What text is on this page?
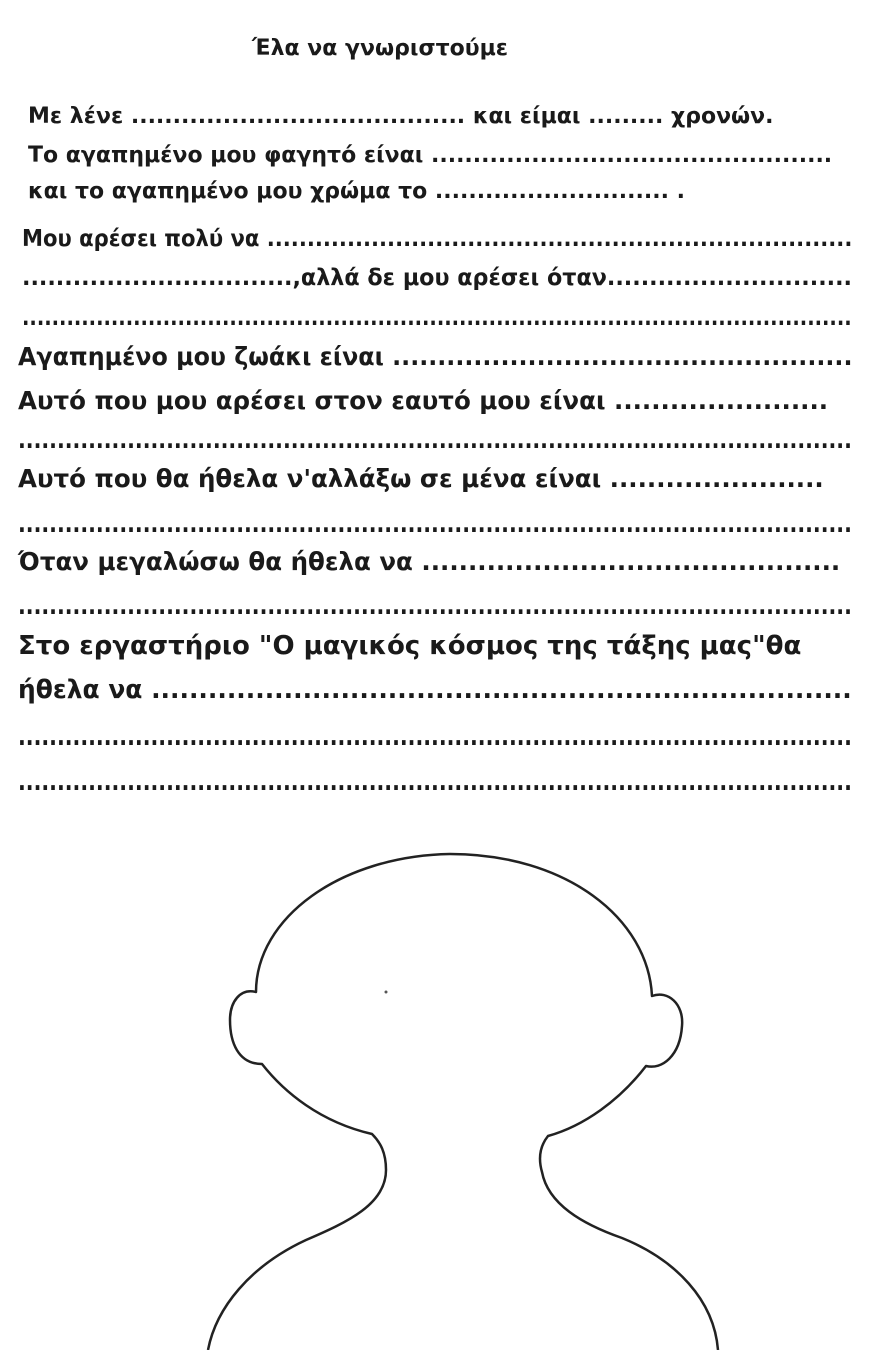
Έλα να γνωριστούμε

Με λένε ........................................ και είμαι ......... χρονών.

Το αγαπημένο μου φαγητό είναι ................................................

και το αγαπημένο μου χρώμα το ............................ .

Μου αρέσει πολύ να .........................................................................

................................,αλλά δε μου αρέσει όταν.............................

................................................................................................................

Αγαπημένο μου ζωάκι είναι ...................................................

Αυτό που μου αρέσει στον εαυτό μου είναι .......................

...........................................................................................................

Αυτό που θα ήθελα ν'αλλάξω σε μένα είναι .......................

...........................................................................................................

Όταν μεγαλώσω θα ήθελα να .............................................

...........................................................................................................

Στο εργαστήριο "Ο μαγικός κόσμος της τάξης μας"θα

ήθελα να ..........................................................................

...........................................................................................................

...........................................................................................................
